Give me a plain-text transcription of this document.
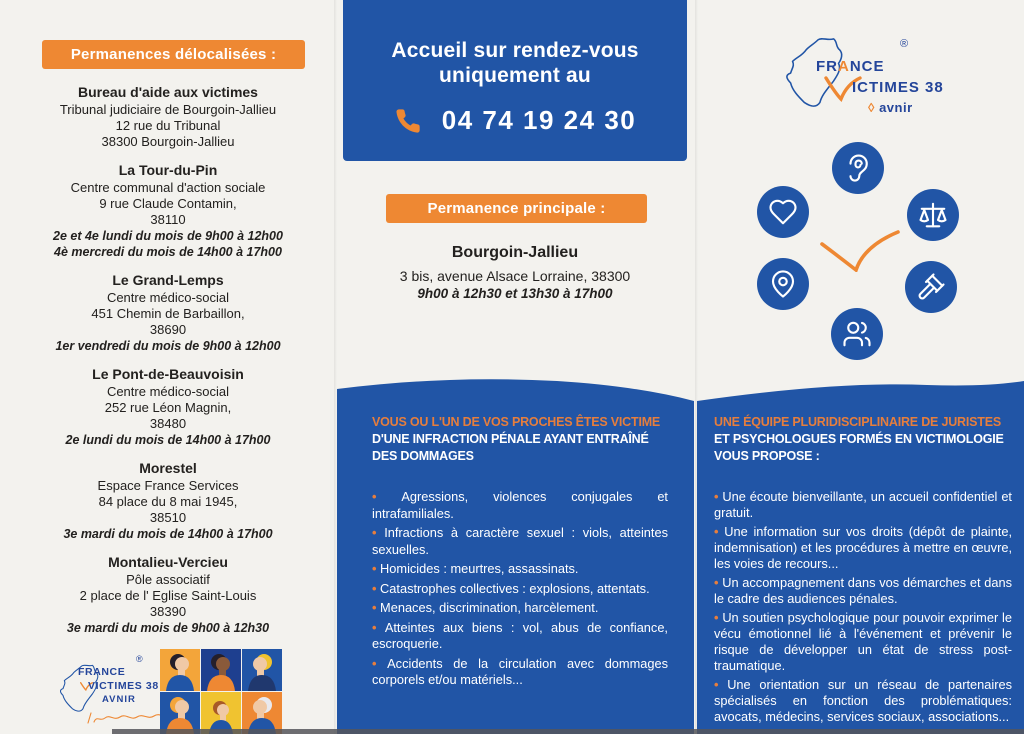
Permanences délocalisées :
Bureau d'aide aux victimes
Tribunal judiciaire de Bourgoin-Jallieu
12 rue du Tribunal
38300 Bourgoin-Jallieu
La Tour-du-Pin
Centre communal d'action sociale
9 rue Claude Contamin,
38110
2e et 4e lundi du mois de 9h00 à 12h00
4è mercredi du mois de 14h00 à 17h00
Le Grand-Lemps
Centre médico-social
451 Chemin de Barbaillon,
38690
1er vendredi du mois de 9h00 à 12h00
Le Pont-de-Beauvoisin
Centre médico-social
252 rue Léon Magnin,
38480
2e lundi du mois de 14h00 à 17h00
Morestel
Espace France Services
84 place du 8 mai 1945,
38510
3e mardi du mois de 14h00 à 17h00
Montalieu-Vercieu
Pôle associatif
2 place de l' Eglise Saint-Louis
38390
3e mardi du mois de 9h00 à 12h30
®
FRANCE
VICTIMES 38
AVNIR
Accueil sur rendez-vous
uniquement au
04 74 19 24 30
Permanence principale :
Bourgoin-Jallieu
3 bis, avenue Alsace Lorraine, 38300
9h00 à 12h30 et 13h30 à 17h00
VOUS OU L'UN DE VOS PROCHES ÊTES VICTIME
D'UNE INFRACTION PÉNALE AYANT ENTRAÎNÉ DES DOMMAGES
• Agressions, violences conjugales et intrafamiliales.
• Infractions à caractère sexuel : viols, atteintes sexuelles.
• Homicides : meurtres, assassinats.
• Catastrophes collectives : explosions, attentats.
• Menaces, discrimination, harcèlement.
• Atteintes aux biens : vol, abus de confiance, escroquerie.
• Accidents de la circulation avec dommages corporels et/ou matériels...
®
FRANCE
ICTIMES 38
◊ avnir
UNE ÉQUIPE PLURIDISCIPLINAIRE DE JURISTES
ET PSYCHOLOGUES FORMÉS EN VICTIMOLOGIE VOUS PROPOSE :
• Une écoute bienveillante, un accueil confidentiel et gratuit.
• Une information sur vos droits (dépôt de plainte, indemnisation) et les procédures à mettre en œuvre, les voies de recours...
• Un accompagnement dans vos démarches et dans le cadre des audiences pénales.
• Un soutien psychologique pour pouvoir exprimer le vécu émotionnel lié à l'événement et prévenir le risque de développer un état de stress post-traumatique.
• Une orientation sur un réseau de partenaires spécialisés en fonction des problématiques: avocats, médecins, services sociaux, associations...
